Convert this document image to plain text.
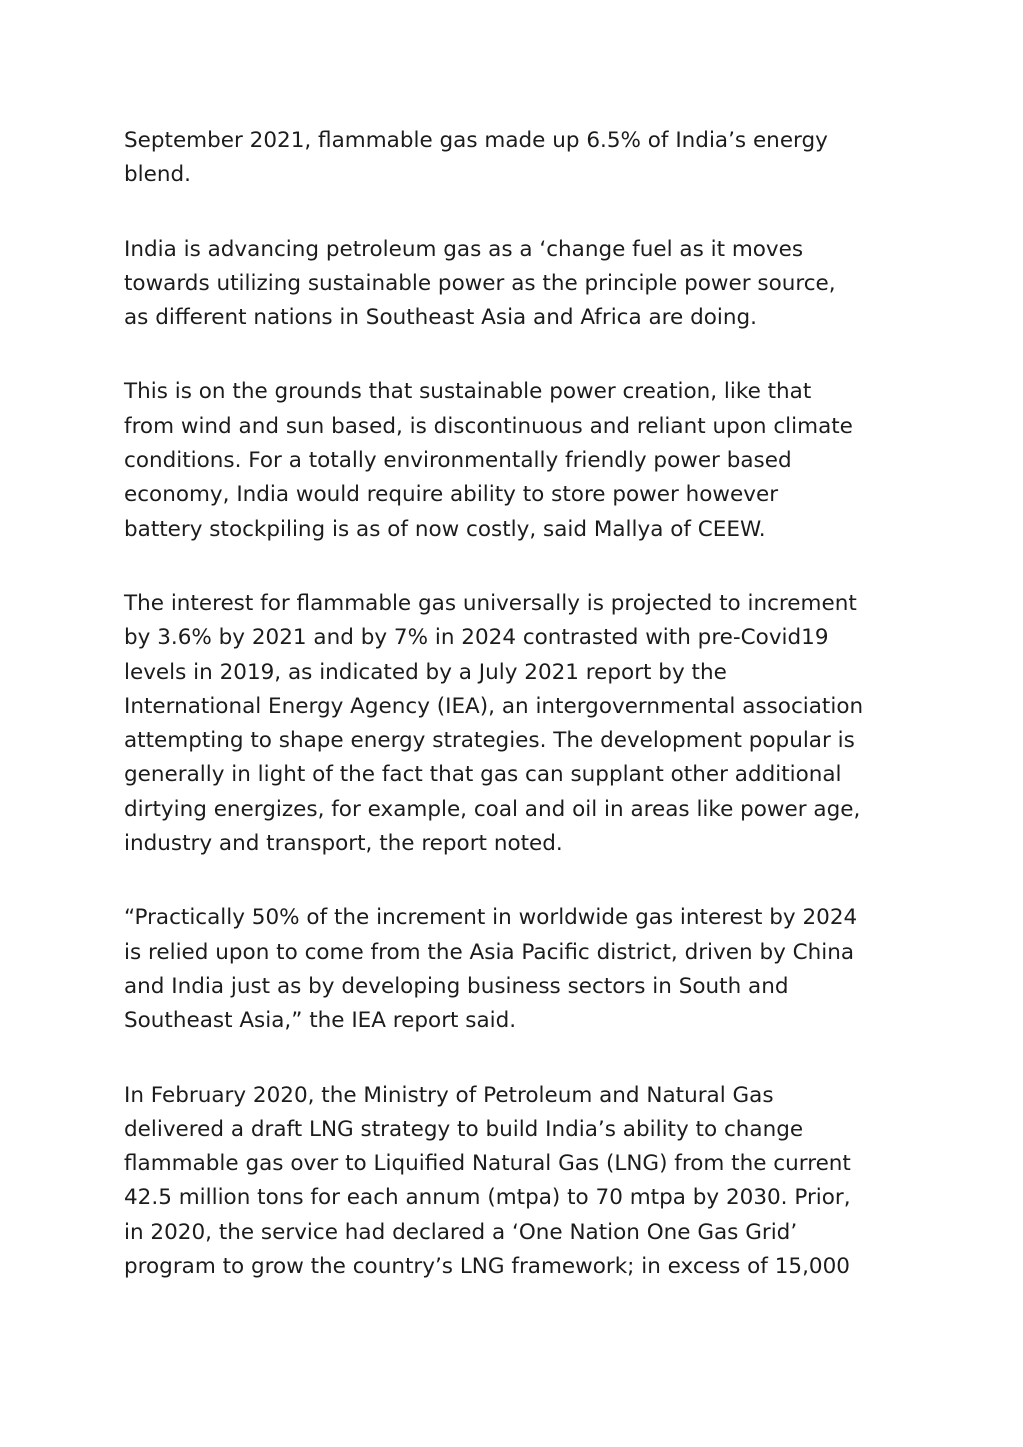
September 2021, flammable gas made up 6.5% of India’s energy
blend.

India is advancing petroleum gas as a ‘change fuel as it moves
towards utilizing sustainable power as the principle power source,
as different nations in Southeast Asia and Africa are doing.

This is on the grounds that sustainable power creation, like that
from wind and sun based, is discontinuous and reliant upon climate
conditions. For a totally environmentally friendly power based
economy, India would require ability to store power however
battery stockpiling is as of now costly, said Mallya of CEEW.

The interest for flammable gas universally is projected to increment
by 3.6% by 2021 and by 7% in 2024 contrasted with pre-Covid19
levels in 2019, as indicated by a July 2021 report by the
International Energy Agency (IEA), an intergovernmental association
attempting to shape energy strategies. The development popular is
generally in light of the fact that gas can supplant other additional
dirtying energizes, for example, coal and oil in areas like power age,
industry and transport, the report noted.

“Practically 50% of the increment in worldwide gas interest by 2024
is relied upon to come from the Asia Pacific district, driven by China
and India just as by developing business sectors in South and
Southeast Asia,” the IEA report said.

In February 2020, the Ministry of Petroleum and Natural Gas
delivered a draft LNG strategy to build India’s ability to change
flammable gas over to Liquified Natural Gas (LNG) from the current
42.5 million tons for each annum (mtpa) to 70 mtpa by 2030. Prior,
in 2020, the service had declared a ‘One Nation One Gas Grid’
program to grow the country’s LNG framework; in excess of 15,000
